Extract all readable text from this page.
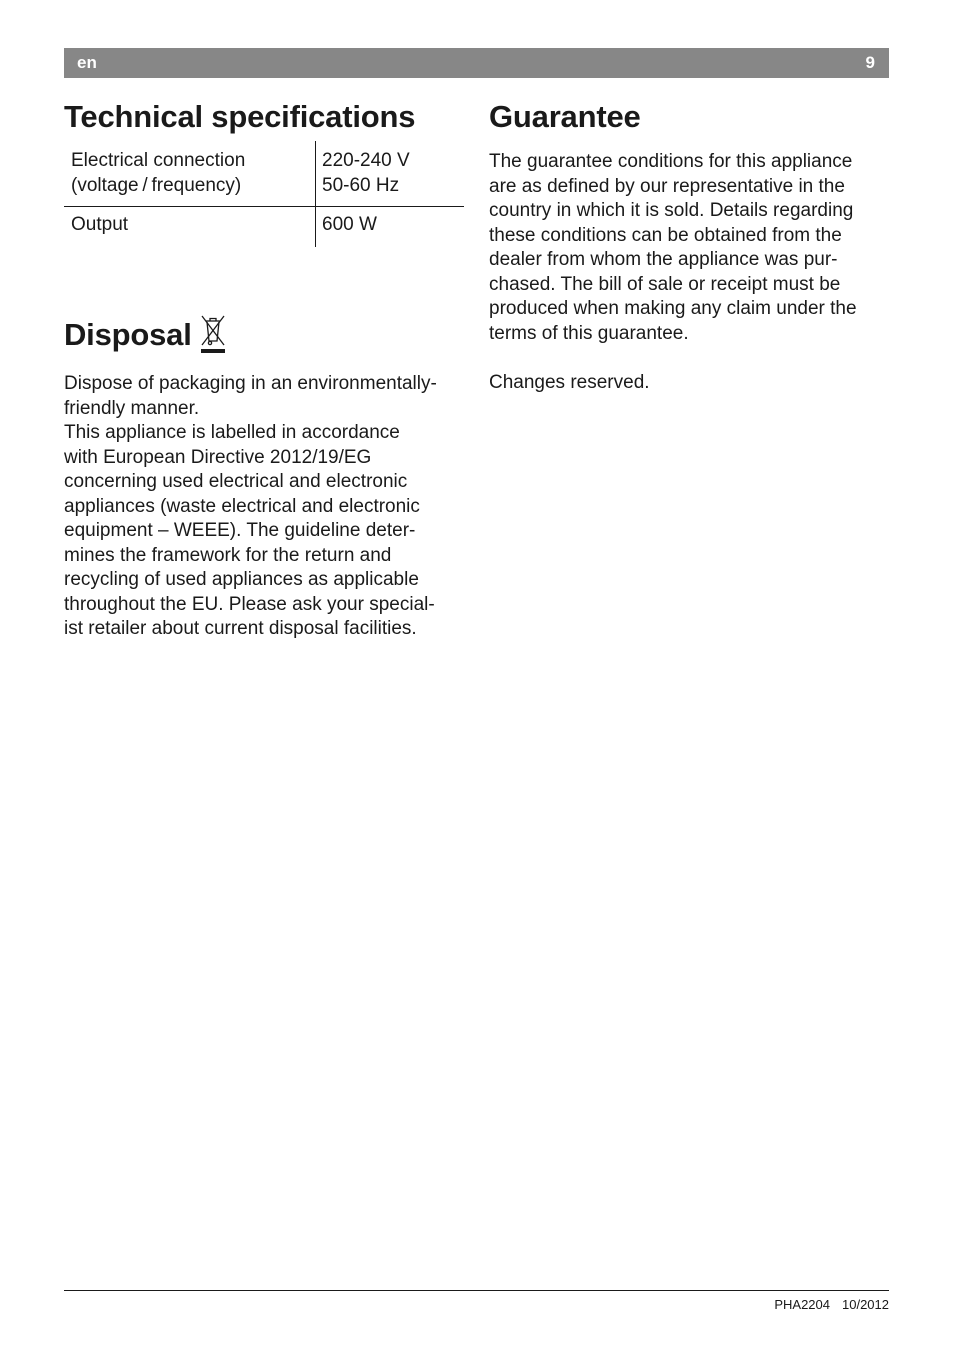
en	9
Technical specifications
Electrical connection
(voltage / frequency)
220-240 V
50-60 Hz
Output	600 W
Disposal

Dispose of packaging in an environmentally-
friendly manner.
This appliance is labelled in accordance
with European Directive 2012/19/EG
concerning used electrical and electronic
appliances (waste electrical and electronic
equipment – WEEE). The guideline deter-
mines the framework for the return and
recycling of used appliances as applicable
throughout the EU. Please ask your special-
ist retailer about current disposal facilities.

Guarantee

The guarantee conditions for this appliance
are as defined by our representative in the
country in which it is sold. Details regarding
these conditions can be obtained from the
dealer from whom the appliance was pur-
chased. The bill of sale or receipt must be
produced when making any claim under the
terms of this guarantee.

Changes reserved.

PHA2204 10/2012
